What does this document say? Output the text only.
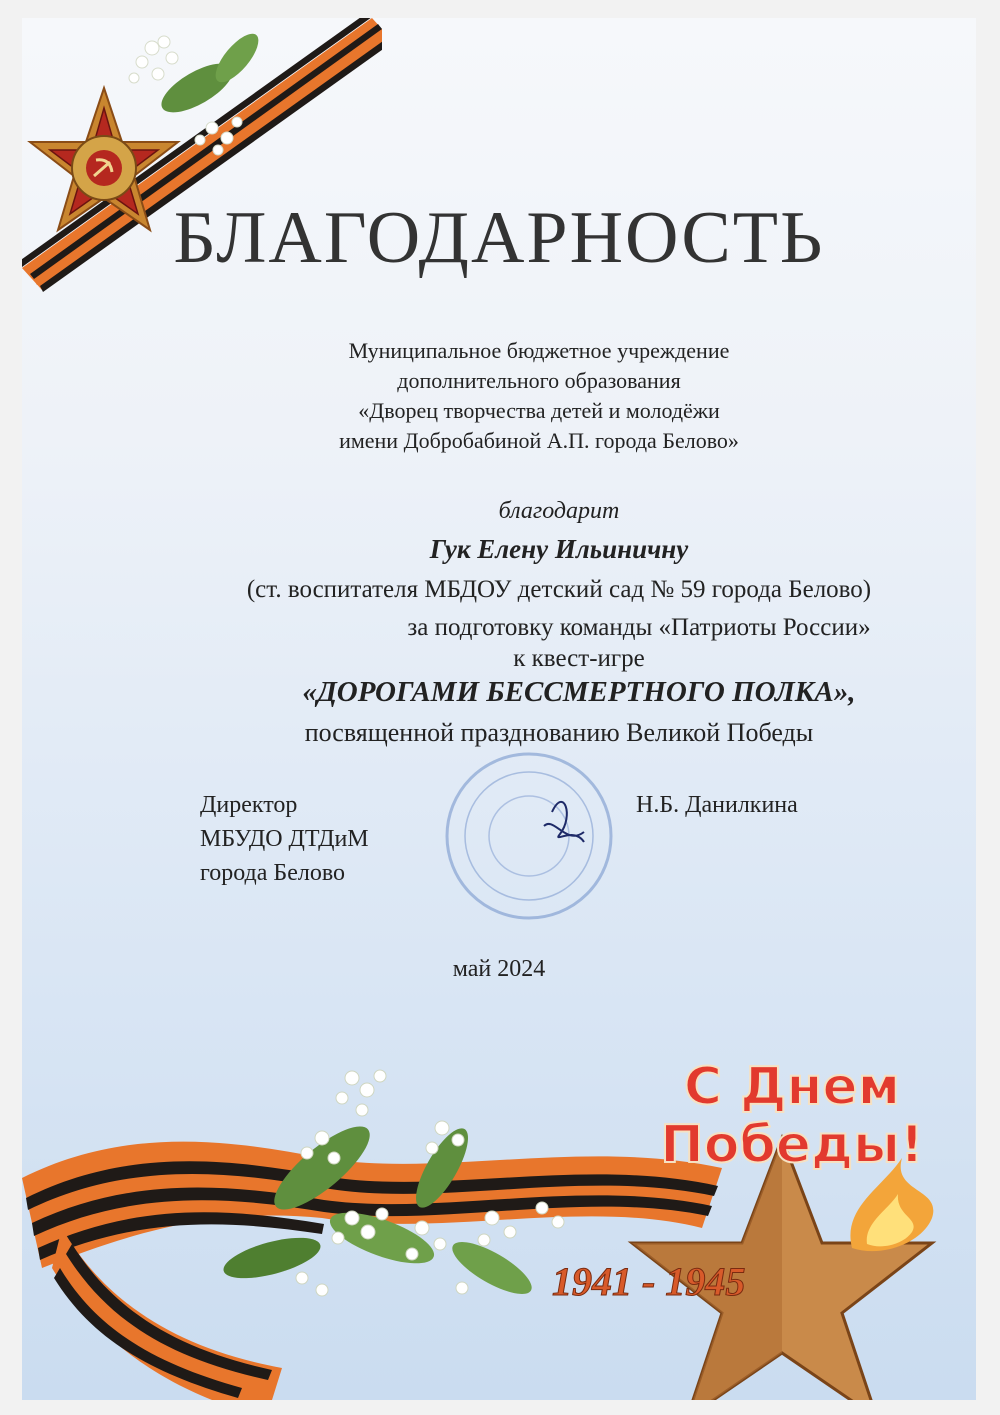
БЛАГОДАРНОСТЬ
Муниципальное бюджетное учреждение
дополнительного образования
«Дворец творчества детей и молодёжи
имени Добробабиной А.П. города Белово»
благодарит
Гук Елену Ильиничну
(ст. воспитателя МБДОУ детский сад № 59 города Белово)
за подготовку команды «Патриоты России»
к квест-игре
«ДОРОГАМИ БЕССМЕРТНОГО ПОЛКА»,
посвященной празднованию Великой Победы
Директор
МБУДО ДТДиМ
города Белово
Н.Б. Данилкина
май 2024
С Днем
Победы!
1941 - 1945
